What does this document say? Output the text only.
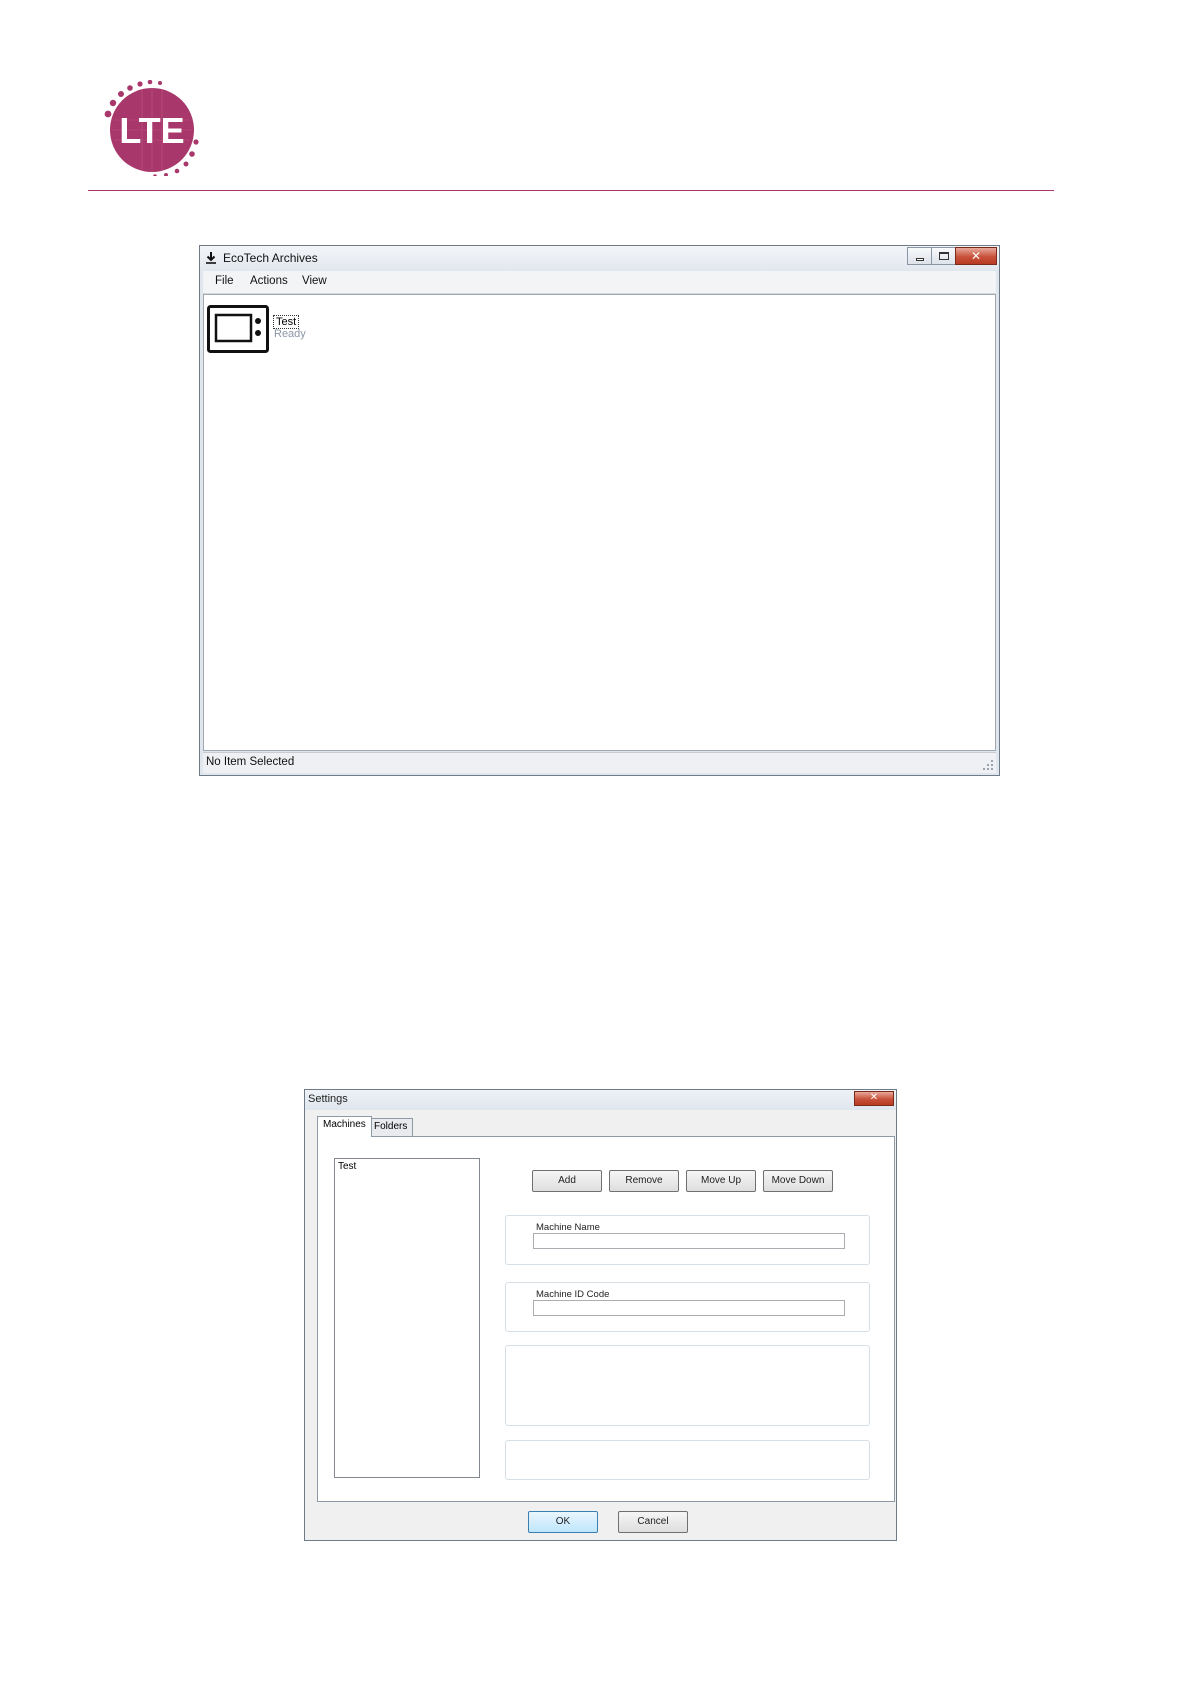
LTE
EcoTech Archives
✕
File Actions View
Test
Ready
No Item Selected
Settings
✕
Machines Folders
Test
Add	Remove	Move Up	Move Down
Machine Name
Machine ID Code
OK	Cancel
